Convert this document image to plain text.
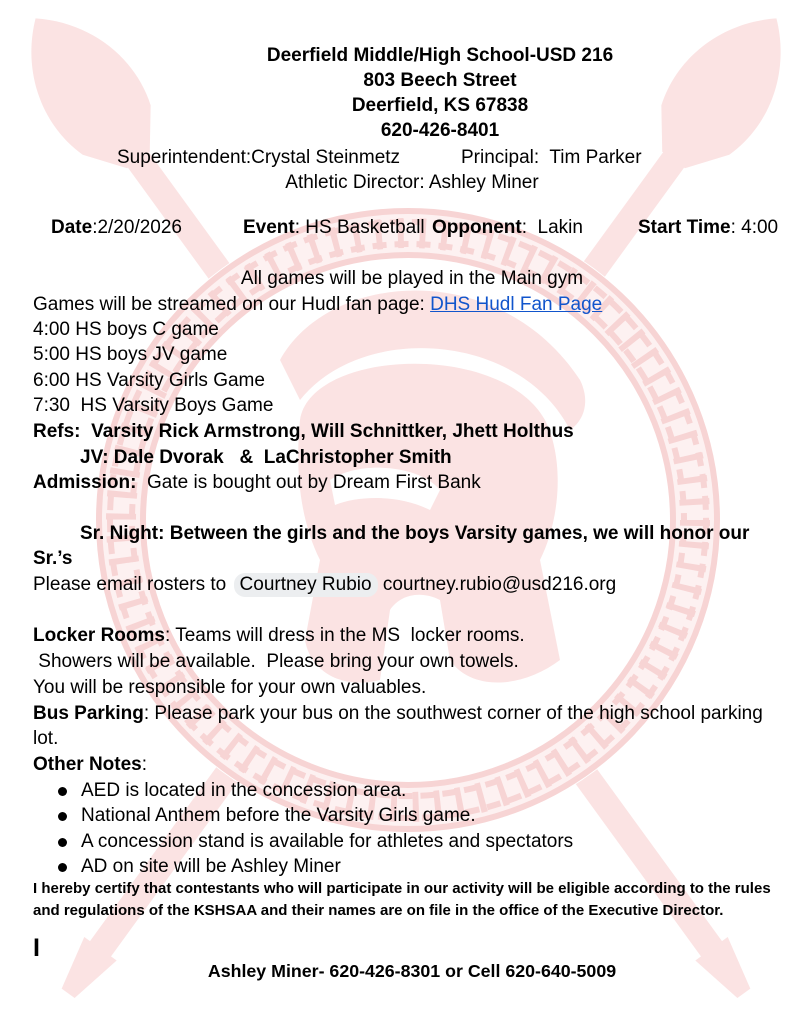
Deerfield Middle/High School-USD 216
803 Beech Street
Deerfield, KS 67838
620-426-8401

Superintendent:Crystal Steinmetz

	Principal:  Tim Parker

Athletic Director: Ashley Miner

Date:2/20/2026

	Event: HS Basketball

Opponent:  Lakin

	Start Time: 4:00

All games will be played in the Main gym
Games will be streamed on our Hudl fan page: DHS Hudl Fan Page
4:00 HS boys C game
5:00 HS boys JV game
6:00 HS Varsity Girls Game
7:30  HS Varsity Boys Game
Refs:  Varsity Rick Armstrong, Will Schnittker, Jhett Holthus
JV: Dale Dvorak   &  LaChristopher Smith
Admission:  Gate is bought out by Dream First Bank
Sr. Night: Between the girls and the boys Varsity games, we will honor our
Sr.’s
Please email rosters to Courtney Rubio courtney.rubio@usd216.org
Locker Rooms: Teams will dress in the MS  locker rooms.
Showers will be available.  Please bring your own towels.
You will be responsible for your own valuables.
Bus Parking: Please park your bus on the southwest corner of the high school parking
lot.
Other Notes:
AED is located in the concession area.
National Anthem before the Varsity Girls game.
A concession stand is available for athletes and spectators
AD on site will be Ashley Miner
I hereby certify that contestants who will participate in our activity will be eligible according to the rules
and regulations of the KSHSAA and their names are on file in the office of the Executive Director.
I
Ashley Miner- 620-426-8301 or Cell 620-640-5009
